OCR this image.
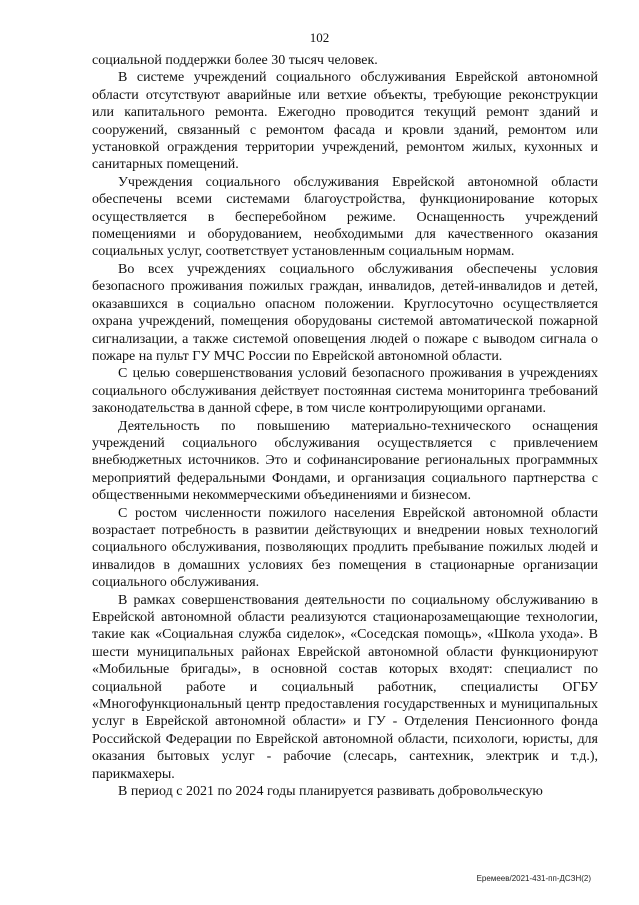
102

социальной поддержки более 30 тысяч человек.

В системе учреждений социального обслуживания Еврейской автономной области отсутствуют аварийные или ветхие объекты, требующие реконструкции или капитального ремонта. Ежегодно проводится текущий ремонт зданий и сооружений, связанный с ремонтом фасада и кровли зданий, ремонтом или установкой ограждения территории учреждений, ремонтом жилых, кухонных и санитарных помещений.

Учреждения социального обслуживания Еврейской автономной области обеспечены всеми системами благоустройства, функционирование которых осуществляется в бесперебойном режиме. Оснащенность учреждений помещениями и оборудованием, необходимыми для качественного оказания социальных услуг, соответствует установленным социальным нормам.

Во всех учреждениях социального обслуживания обеспечены условия безопасного проживания пожилых граждан, инвалидов, детей-инвалидов и детей, оказавшихся в социально опасном положении. Круглосуточно осуществляется охрана учреждений, помещения оборудованы системой автоматической пожарной сигнализации, а также системой оповещения людей о пожаре с выводом сигнала о пожаре на пульт ГУ МЧС России по Еврейской автономной области.

С целью совершенствования условий безопасного проживания в учреждениях социального обслуживания действует постоянная система мониторинга требований законодательства в данной сфере, в том числе контролирующими органами.

Деятельность по повышению материально-технического оснащения учреждений социального обслуживания осуществляется с привлечением внебюджетных источников. Это и софинансирование региональных программных мероприятий федеральными Фондами, и организация социального партнерства с общественными некоммерческими объединениями и бизнесом.

С ростом численности пожилого населения Еврейской автономной области возрастает потребность в развитии действующих и внедрении новых технологий социального обслуживания, позволяющих продлить пребывание пожилых людей и инвалидов в домашних условиях без помещения в стационарные организации социального обслуживания.

В рамках совершенствования деятельности по социальному обслуживанию в Еврейской автономной области реализуются стационарозамещающие технологии, такие как «Социальная служба сиделок», «Соседская помощь», «Школа ухода». В шести муниципальных районах Еврейской автономной области функционируют «Мобильные бригады», в основной состав которых входят: специалист по социальной работе и социальный работник, специалисты ОГБУ «Многофункциональный центр предоставления государственных и муниципальных услуг в Еврейской автономной области» и ГУ - Отделения Пенсионного фонда Российской Федерации по Еврейской автономной области, психологи, юристы, для оказания бытовых услуг - рабочие (слесарь, сантехник, электрик и т.д.), парикмахеры.

В период с 2021 по 2024 годы планируется развивать добровольческую

Еремеев/2021-431-пп-ДСЗН(2)
